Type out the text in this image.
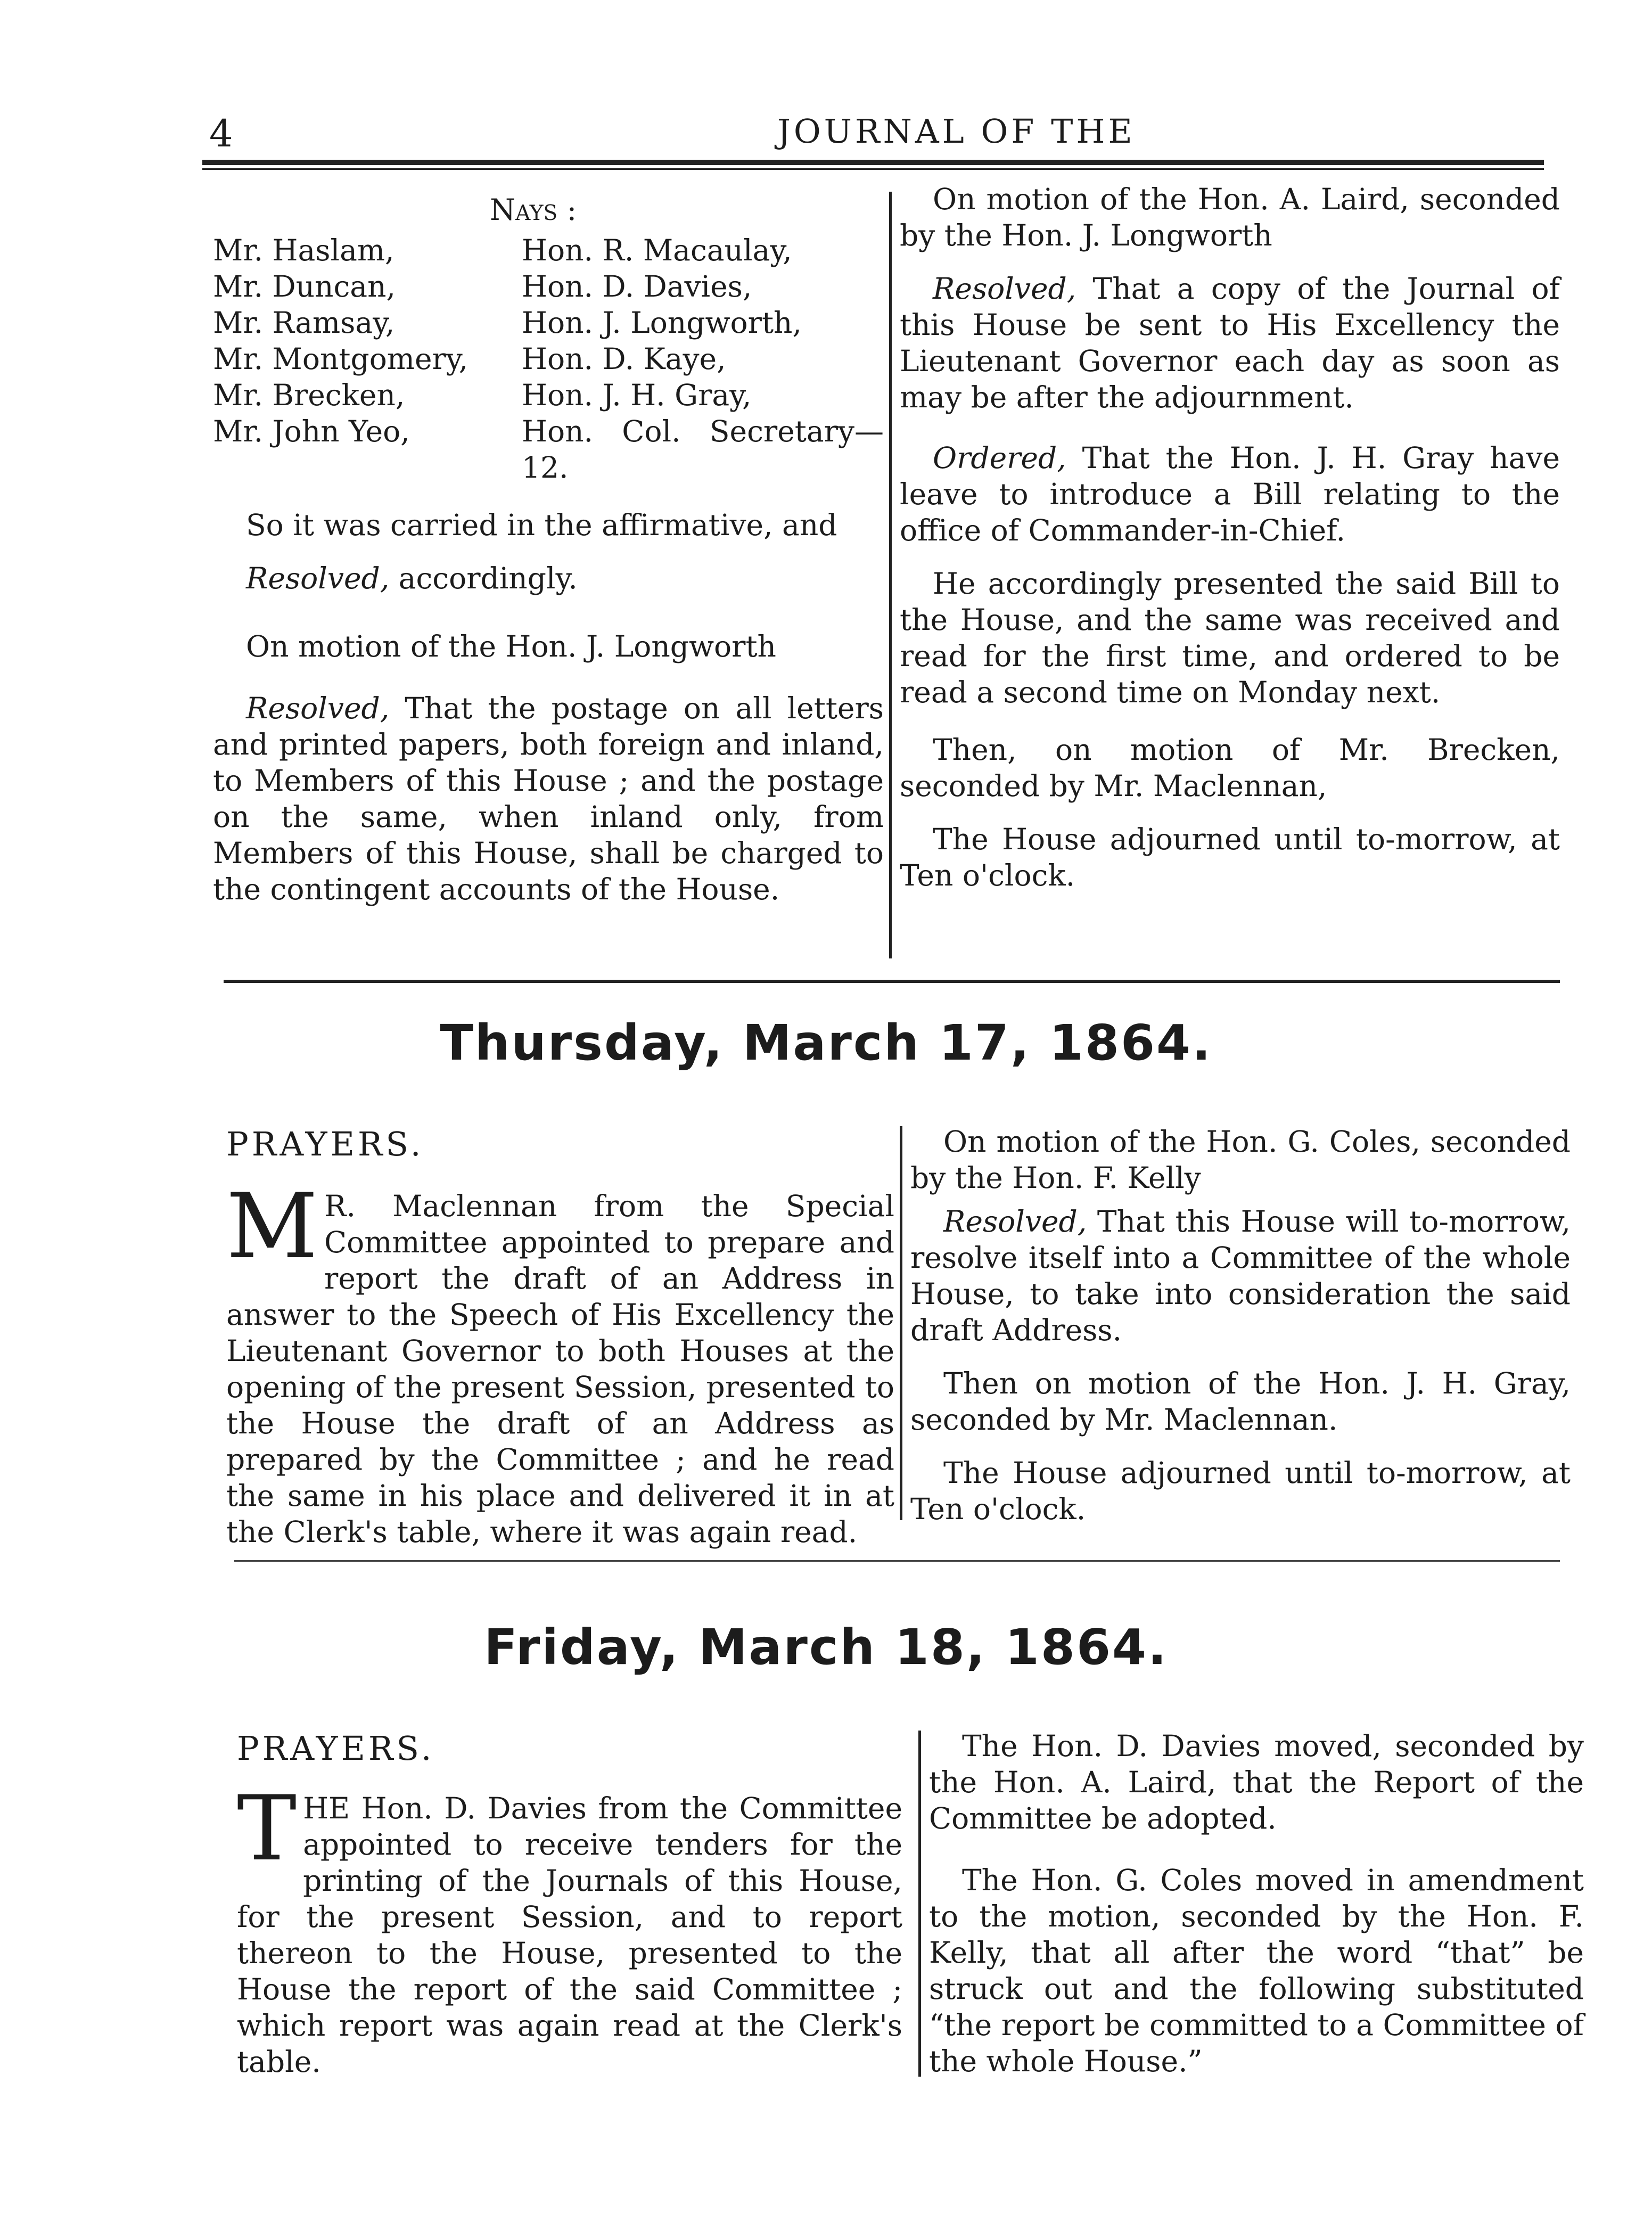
4	JOURNAL OF THE
Nays :
Mr. Haslam,	Hon. R. Macaulay,
Mr. Duncan,	Hon. D. Davies,
Mr. Ramsay,	Hon. J. Longworth,
Mr. Montgomery,	Hon. D. Kaye,
Mr. Brecken,	Hon. J. H. Gray,
Mr. John Yeo,	Hon. Col. Secretary—12.

So it was carried in the affirmative, and

Resolved, accordingly.

On motion of the Hon. J. Longworth

Resolved, That the postage on all letters and printed papers, both foreign and inland, to Members of this House ; and the postage on the same, when inland only, from Members of this House, shall be charged to the contingent accounts of the House.

On motion of the Hon. A. Laird, seconded by the Hon. J. Longworth

Resolved, That a copy of the Journal of this House be sent to His Excellency the Lieutenant Governor each day as soon as may be after the adjournment.

Ordered, That the Hon. J. H. Gray have leave to introduce a Bill relating to the office of Commander-in-Chief.

He accordingly presented the said Bill to the House, and the same was received and read for the first time, and ordered to be read a second time on Monday next.

Then, on motion of Mr. Brecken, seconded by Mr. Maclennan,

The House adjourned until to-morrow, at Ten o'clock.

Thursday, March 17, 1864.

PRAYERS.

M R. Maclennan from the Special Committee appointed to prepare and report the draft of an Address in answer to the Speech of His Excellency the Lieutenant Governor to both Houses at the opening of the present Session, presented to the House the draft of an Address as prepared by the Committee ; and he read the same in his place and delivered it in at the Clerk's table, where it was again read.

On motion of the Hon. G. Coles, seconded by the Hon. F. Kelly

Resolved, That this House will to-morrow, resolve itself into a Committee of the whole House, to take into consideration the said draft Address.

Then on motion of the Hon. J. H. Gray, seconded by Mr. Maclennan.

The House adjourned until to-morrow, at Ten o'clock.

Friday, March 18, 1864.

PRAYERS.

THE Hon. D. Davies from the Committee appointed to receive tenders for the printing of the Journals of this House, for the present Session, and to report thereon to the House, presented to the House the report of the said Committee ; which report was again read at the Clerk's table.

The Hon. D. Davies moved, seconded by the Hon. A. Laird, that the Report of the Committee be adopted.

The Hon. G. Coles moved in amendment to the motion, seconded by the Hon. F. Kelly, that all after the word “that” be struck out and the following substituted “the report be committed to a Committee of the whole House.”
